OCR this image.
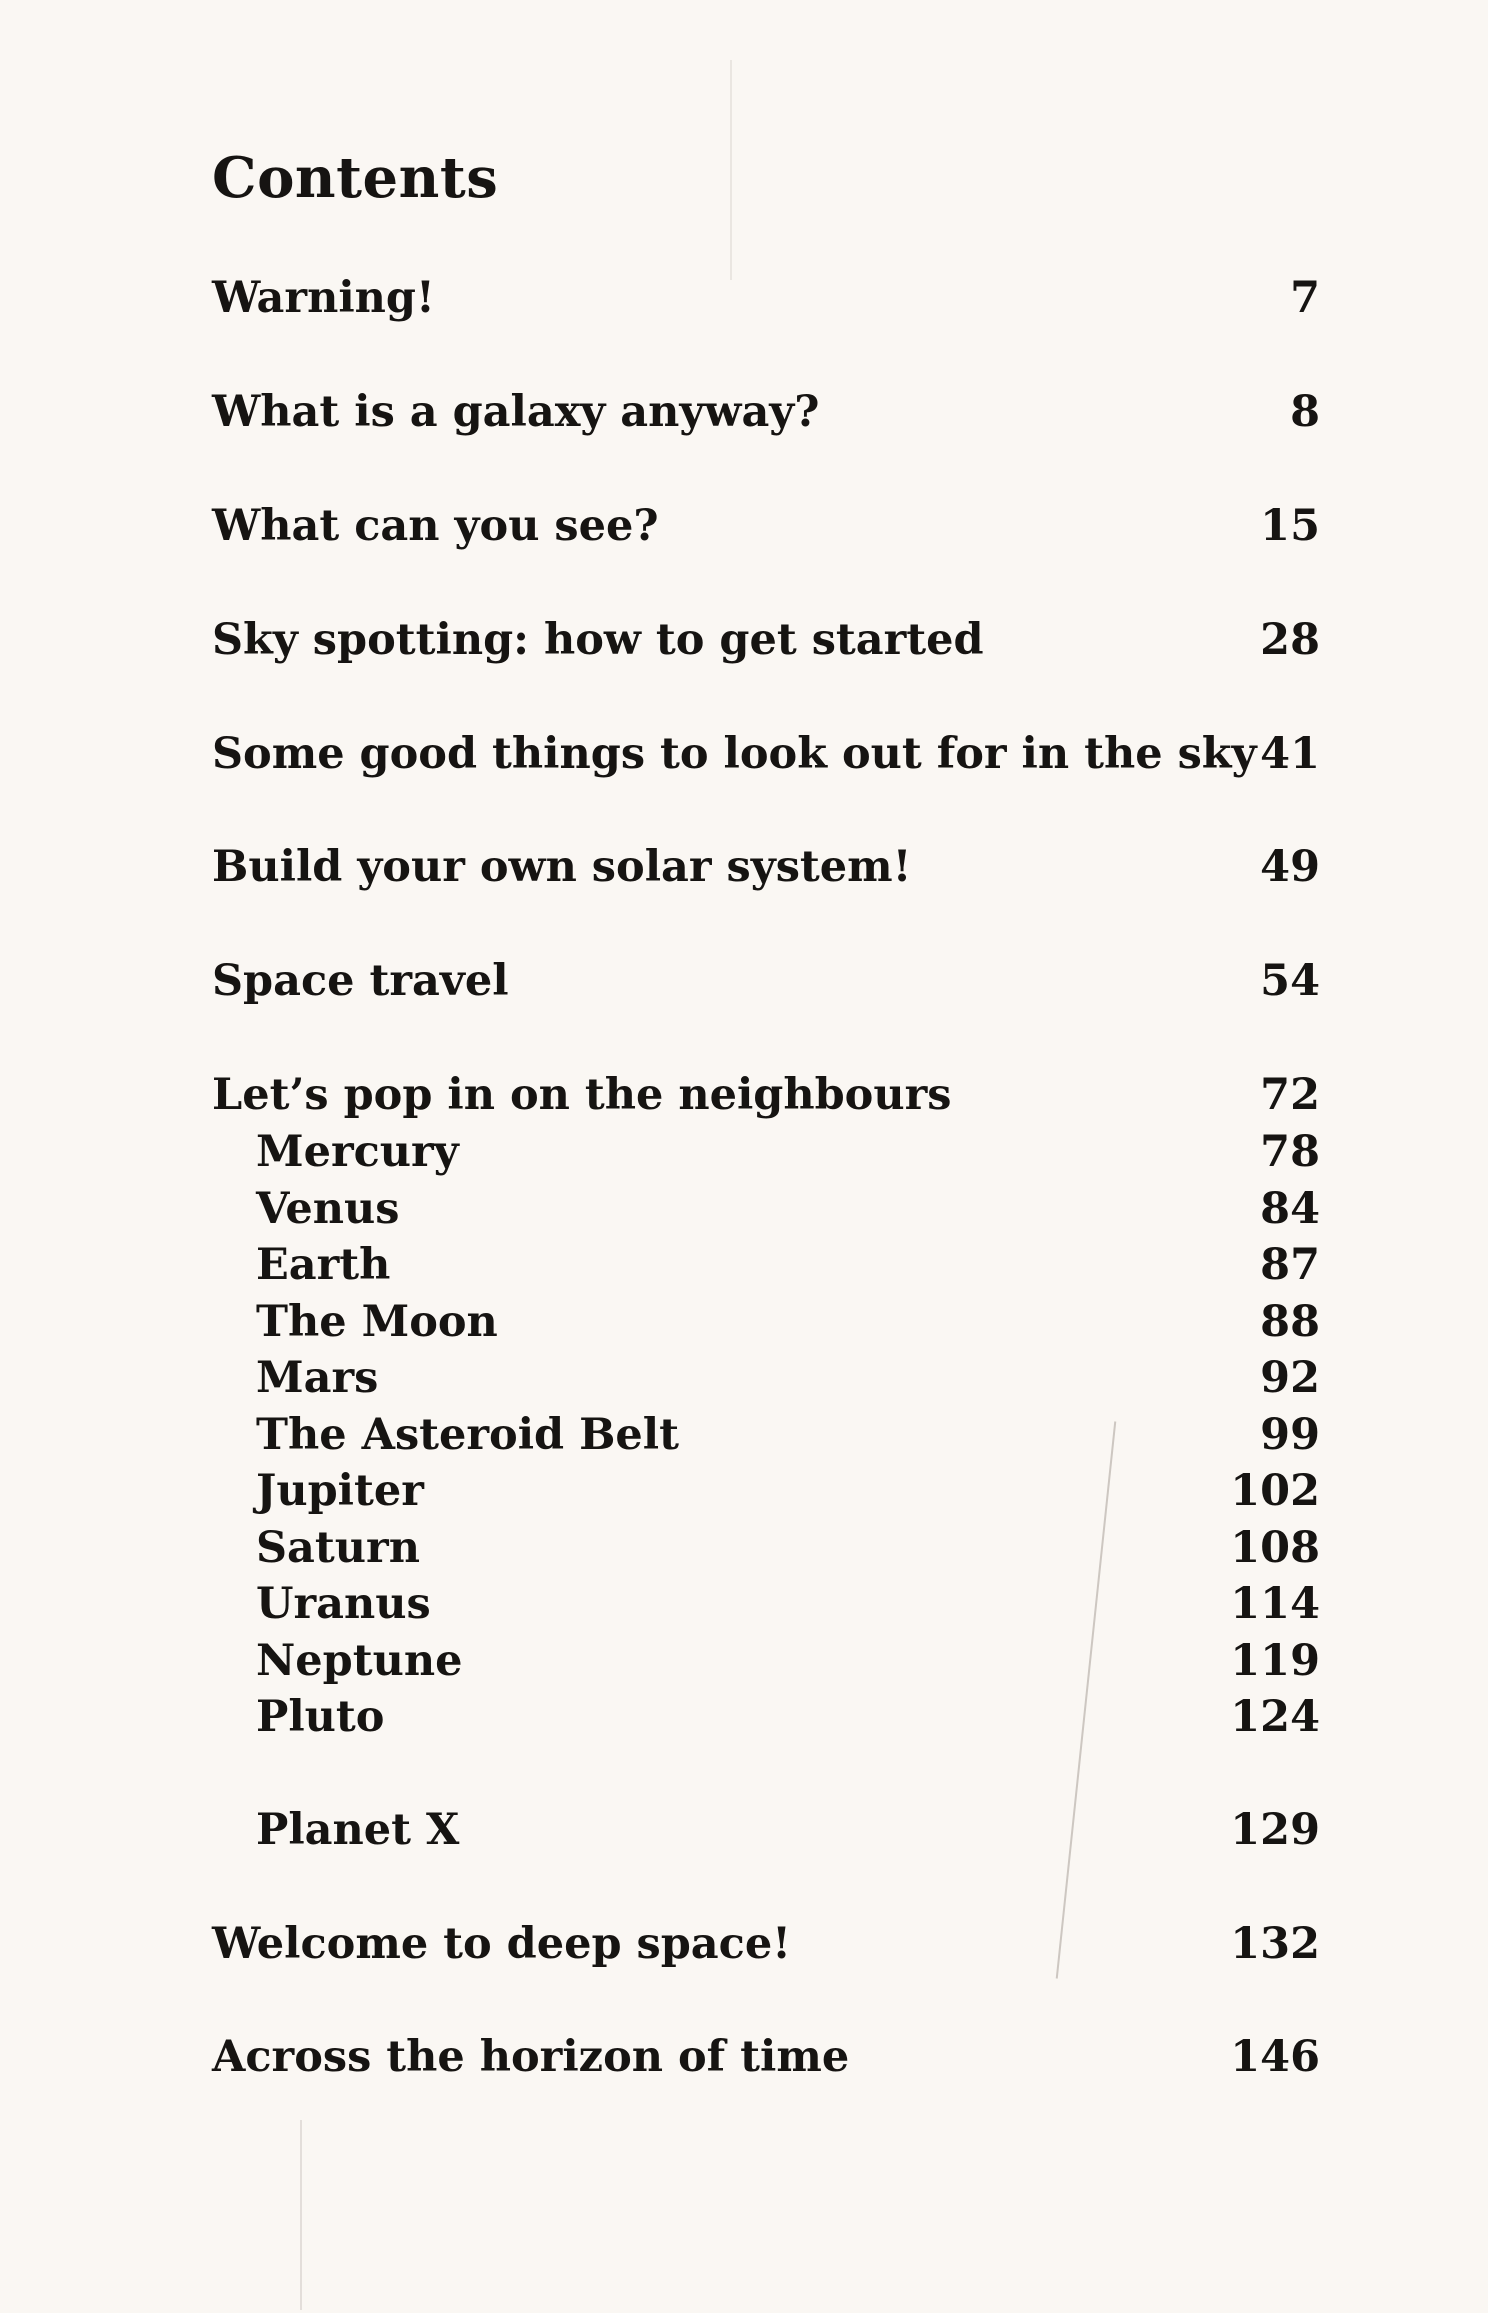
Contents
Warning!	7
What is a galaxy anyway?	8
What can you see?	15
Sky spotting: how to get started	28
Some good things to look out for in the sky 41
Build your own solar system!	49
Space travel	54
Let’s pop in on the neighbours	72
Mercury	78
Venus	84
Earth	87
The Moon	88
Mars	92
The Asteroid Belt	99
Jupiter	102
Saturn	108
Uranus	114
Neptune	119
Pluto	124
Planet X	129
Welcome to deep space!	132
Across the horizon of time	146
